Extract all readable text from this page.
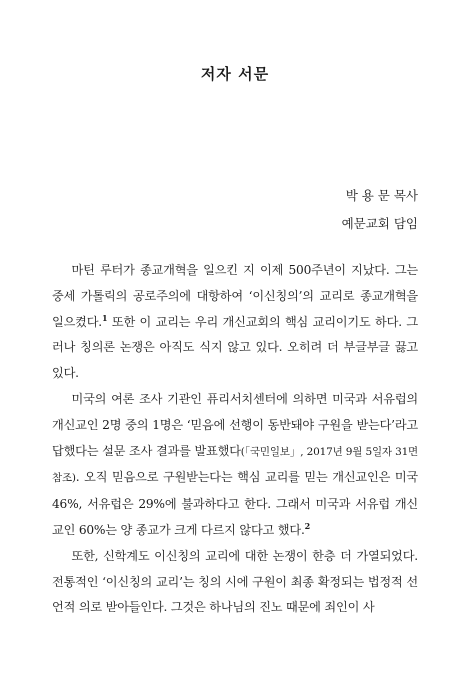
저자 서문
박 용 문 목사
예문교회 담임

마틴 루터가 종교개혁을 일으킨 지 이제 500주년이 지났다. 그는 중세 가톨릭의 공로주의에 대항하여 ‘이신칭의’의 교리로 종교개혁을 일으켰다.$^1$ 또한 이 교리는 우리 개신교회의 핵심 교리이기도 하다. 그러나 칭의론 논쟁은 아직도 식지 않고 있다. 오히려 더 부글부글 끓고 있다.

미국의 여론 조사 기관인 퓨리서치센터에 의하면 미국과 서유럽의 개신교인 2명 중의 1명은 ‘믿음에 선행이 동반돼야 구원을 받는다’라고 답했다는 설문 조사 결과를 발표했다(「국민일보」, 2017년 9월 5일자 31면 참조). 오직 믿음으로 구원받는다는 핵심 교리를 믿는 개신교인은 미국 46%, 서유럽은 29%에 불과하다고 한다. 그래서 미국과 서유럽 개신교인 60%는 양 종교가 크게 다르지 않다고 했다.$^2$

또한, 신학계도 이신칭의 교리에 대한 논쟁이 한층 더 가열되었다. 전통적인 ‘이신칭의 교리’는 칭의 시에 구원이 최종 확정되는 법정적 선언적 의로 받아들인다. 그것은 하나님의 진노 때문에 죄인이 사
